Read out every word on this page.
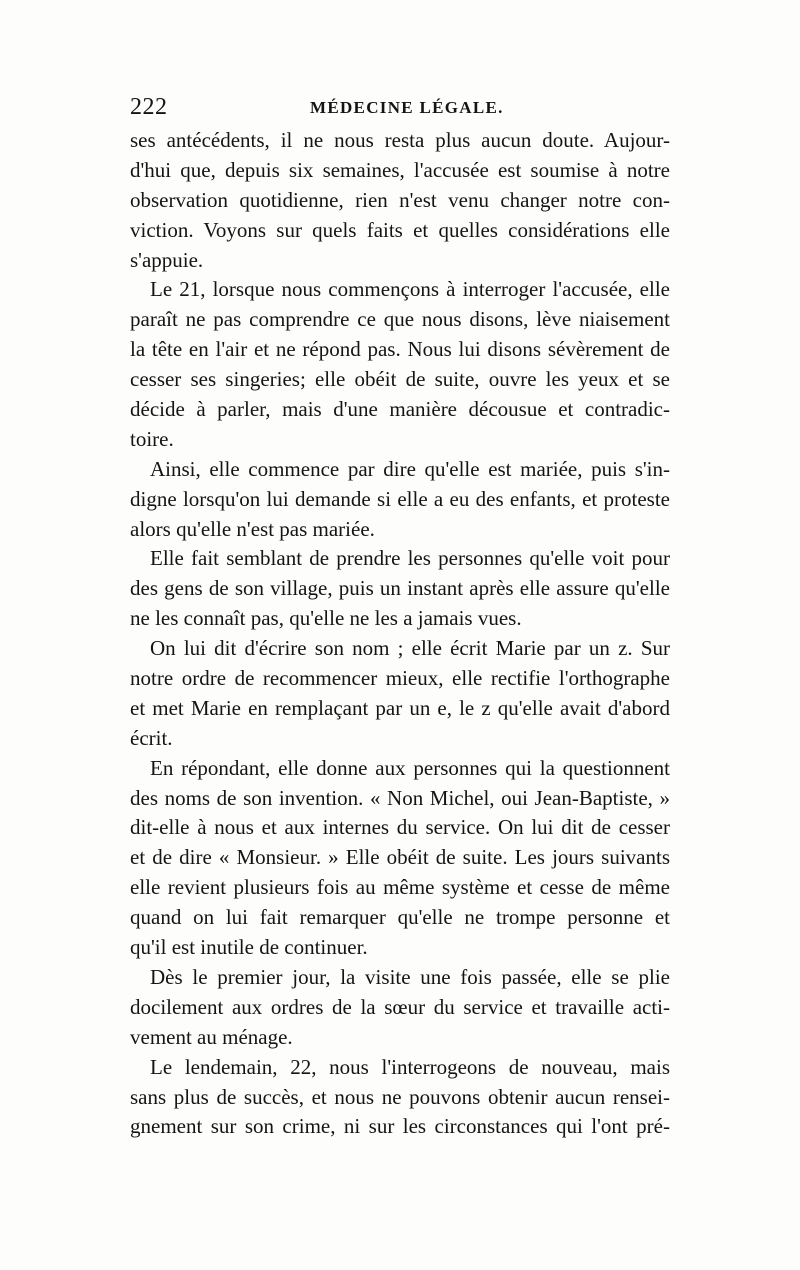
222	MÉDECINE LÉGALE.
ses antécédents, il ne nous resta plus aucun doute. Aujour-
d'hui que, depuis six semaines, l'accusée est soumise à notre
observation quotidienne, rien n'est venu changer notre con-
viction. Voyons sur quels faits et quelles considérations elle
s'appuie.
Le 21, lorsque nous commençons à interroger l'accusée, elle
paraît ne pas comprendre ce que nous disons, lève niaisement
la tête en l'air et ne répond pas. Nous lui disons sévèrement de
cesser ses singeries; elle obéit de suite, ouvre les yeux et se
décide à parler, mais d'une manière décousue et contradic-
toire.
Ainsi, elle commence par dire qu'elle est mariée, puis s'in-
digne lorsqu'on lui demande si elle a eu des enfants, et proteste
alors qu'elle n'est pas mariée.
Elle fait semblant de prendre les personnes qu'elle voit pour
des gens de son village, puis un instant après elle assure qu'elle
ne les connaît pas, qu'elle ne les a jamais vues.
On lui dit d'écrire son nom ; elle écrit Marie par un z. Sur
notre ordre de recommencer mieux, elle rectifie l'orthographe
et met Marie en remplaçant par un e, le z qu'elle avait d'abord
écrit.
En répondant, elle donne aux personnes qui la questionnent
des noms de son invention. « Non Michel, oui Jean-Baptiste, »
dit-elle à nous et aux internes du service. On lui dit de cesser
et de dire « Monsieur. » Elle obéit de suite. Les jours suivants
elle revient plusieurs fois au même système et cesse de même
quand on lui fait remarquer qu'elle ne trompe personne et
qu'il est inutile de continuer.
Dès le premier jour, la visite une fois passée, elle se plie
docilement aux ordres de la sœur du service et travaille acti-
vement au ménage.
Le lendemain, 22, nous l'interrogeons de nouveau, mais
sans plus de succès, et nous ne pouvons obtenir aucun rensei-
gnement sur son crime, ni sur les circonstances qui l'ont pré-
